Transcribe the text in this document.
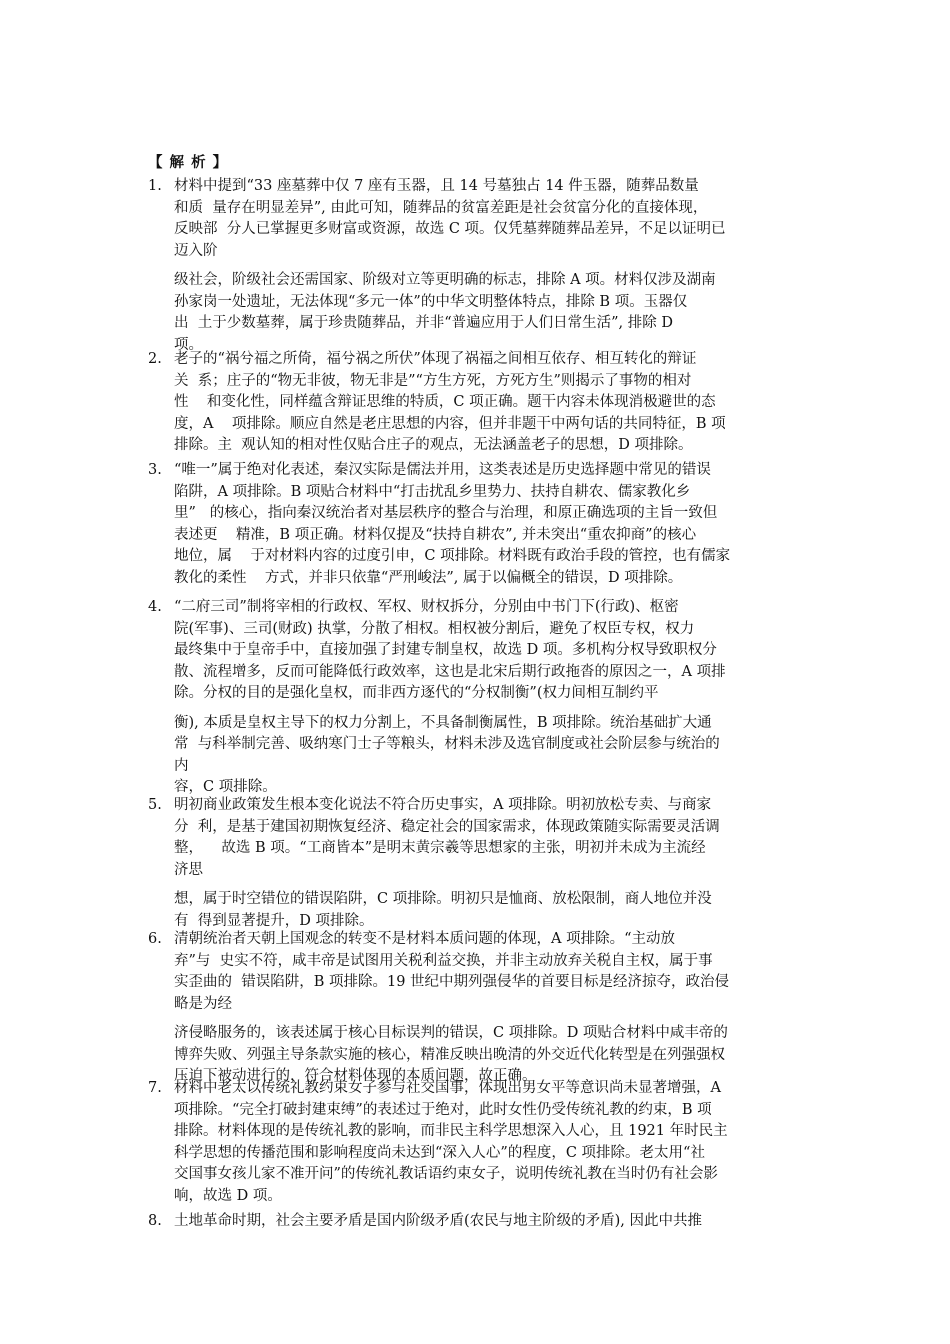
【 解 析 】
1. 材料中提到“33 座墓葬中仅 7 座有玉器，且 14 号墓独占 14 件玉器，随葬品数量
和质  量存在明显差异”, 由此可知，随葬品的贫富差距是社会贫富分化的直接体现，
反映部  分人已掌握更多财富或资源，故选 C 项。仅凭墓葬随葬品差异，不足以证明已
迈入阶
级社会，阶级社会还需国家、阶级对立等更明确的标志，排除 A 项。材料仅涉及湖南
孙家岗一处遗址，无法体现“多元一体”的中华文明整体特点，排除 B 项。玉器仅
出  土于少数墓葬，属于珍贵随葬品，并非“普遍应用于人们日常生活”, 排除 D
项。
2. 老子的“祸兮福之所倚，福兮祸之所伏”体现了祸福之间相互依存、相互转化的辩证
关  系；庄子的“物无非彼，物无非是”“方生方死，方死方生”则揭示了事物的相对
性    和变化性，同样蕴含辩证思维的特质，C 项正确。题干内容未体现消极避世的态
度，A    项排除。顺应自然是老庄思想的内容，但并非题干中两句话的共同特征，B 项
排除。主  观认知的相对性仅贴合庄子的观点，无法涵盖老子的思想，D 项排除。
3. “唯一”属于绝对化表述，秦汉实际是儒法并用，这类表述是历史选择题中常见的错误
陷阱，A 项排除。B 项贴合材料中“打击扰乱乡里势力、扶持自耕农、儒家教化乡
里”   的核心，指向秦汉统治者对基层秩序的整合与治理，和原正确选项的主旨一致但
表述更    精准，B 项正确。材料仅提及“扶持自耕农”, 并未突出“重农抑商”的核心
地位，属    于对材料内容的过度引申，C 项排除。材料既有政治手段的管控，也有儒家
教化的柔性    方式，并非只依靠“严刑峻法”, 属于以偏概全的错误，D 项排除。
4. “二府三司”制将宰相的行政权、军权、财权拆分，分别由中书门下(行政)、枢密
院(军事)、三司(财政) 执掌，分散了相权。相权被分割后，避免了权臣专权，权力
最终集中于皇帝手中，直接加强了封建专制皇权，故选 D 项。多机构分权导致职权分
散、流程增多，反而可能降低行政效率，这也是北宋后期行政拖沓的原因之一，A 项排
除。分权的目的是强化皇权，而非西方逐代的“分权制衡”(权力间相互制约平
衡), 本质是皇权主导下的权力分割上，不具备制衡属性，B 项排除。统治基础扩大通
常  与科举制完善、吸纳寒门士子等粮头，材料未涉及选官制度或社会阶层参与统治的
内
容，C 项排除。
5. 明初商业政策发生根本变化说法不符合历史事实，A 项排除。明初放松专卖、与商家
分  利，是基于建国初期恢复经济、稳定社会的国家需求，体现政策随实际需要灵活调
整，    故选 B 项。“工商皆本”是明末黄宗羲等思想家的主张，明初并未成为主流经
济思
想，属于时空错位的错误陷阱，C 项排除。明初只是恤商、放松限制，商人地位并没
有  得到显著提升，D 项排除。
6. 清朝统治者天朝上国观念的转变不是材料本质问题的体现，A 项排除。“主动放
弃”与  史实不符，咸丰帝是试图用关税利益交换，并非主动放弃关税自主权，属于事
实歪曲的  错误陷阱，B 项排除。19 世纪中期列强侵华的首要目标是经济掠夺，政治侵
略是为经
济侵略服务的，该表述属于核心目标误判的错误，C 项排除。D 项贴合材料中咸丰帝的
博弈失败、列强主导条款实施的核心，精准反映出晚清的外交近代化转型是在列强强权
压迫下被动进行的，符合材料体现的本质问题，故正确。
7. 材料中老太以传统礼教约束女子参与社交国事，体现出男女平等意识尚未显著增强，A
项排除。“完全打破封建束缚”的表述过于绝对，此时女性仍受传统礼教的约束，B 项
排除。材料体现的是传统礼教的影响，而非民主科学思想深入人心，且 1921 年时民主
科学思想的传播范围和影响程度尚未达到“深入人心”的程度，C 项排除。老太用“社
交国事女孩儿家不准开问”的传统礼教话语约束女子，说明传统礼教在当时仍有社会影
响，故选 D 项。
8. 土地革命时期，社会主要矛盾是国内阶级矛盾(农民与地主阶级的矛盾), 因此中共推
